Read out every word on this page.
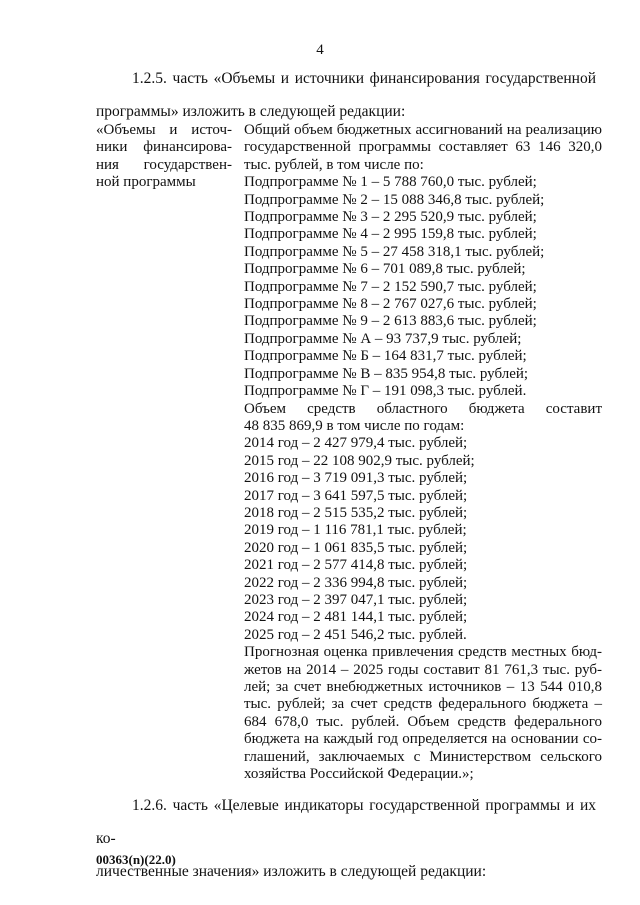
4
1.2.5. часть «Объемы и источники финансирования государственной
программы» изложить в следующей редакции:
«Объемы и источ-ники финансирова-ния государствен-ной программы
Общий объем бюджетных ассигнований на реализацию государственной программы составляет 63 146 320,0 тыс. рублей, в том числе по:
Подпрограмме № 1 – 5 788 760,0 тыс. рублей;
Подпрограмме № 2 – 15 088 346,8 тыс. рублей;
Подпрограмме № 3 – 2 295 520,9 тыс. рублей;
Подпрограмме № 4 – 2 995 159,8 тыс. рублей;
Подпрограмме № 5 – 27 458 318,1 тыс. рублей;
Подпрограмме № 6 – 701 089,8 тыс. рублей;
Подпрограмме № 7 – 2 152 590,7 тыс. рублей;
Подпрограмме № 8 – 2 767 027,6 тыс. рублей;
Подпрограмме № 9 – 2 613 883,6 тыс. рублей;
Подпрограмме № А – 93 737,9 тыс. рублей;
Подпрограмме № Б – 164 831,7 тыс. рублей;
Подпрограмме № В – 835 954,8 тыс. рублей;
Подпрограмме № Г – 191 098,3 тыс. рублей.
Объем средств областного бюджета составит
48 835 869,9 в том числе по годам:
2014 год – 2 427 979,4 тыс. рублей;
2015 год – 22 108 902,9 тыс. рублей;
2016 год – 3 719 091,3 тыс. рублей;
2017 год – 3 641 597,5 тыс. рублей;
2018 год – 2 515 535,2 тыс. рублей;
2019 год – 1 116 781,1 тыс. рублей;
2020 год – 1 061 835,5 тыс. рублей;
2021 год – 2 577 414,8 тыс. рублей;
2022 год – 2 336 994,8 тыс. рублей;
2023 год – 2 397 047,1 тыс. рублей;
2024 год – 2 481 144,1 тыс. рублей;
2025 год – 2 451 546,2 тыс. рублей.
Прогнозная оценка привлечения средств местных бюд-жетов на 2014 – 2025 годы составит 81 761,3 тыс. руб-лей; за счет внебюджетных источников – 13 544 010,8 тыс. рублей; за счет средств федерального бюджета – 684 678,0 тыс. рублей. Объем средств федерального бюджета на каждый год определяется на основании со-глашений, заключаемых с Министерством сельского хозяйства Российской Федерации.»;
1.2.6. часть «Целевые индикаторы государственной программы и их ко-
личественные значения» изложить в следующей редакции:
00363(n)(22.0)
